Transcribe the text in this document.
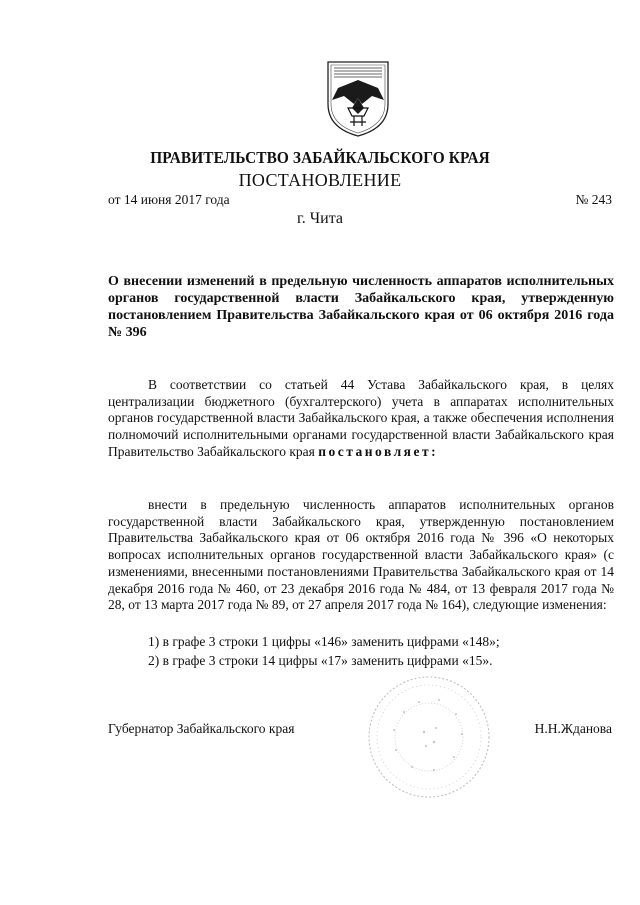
ПРАВИТЕЛЬСТВО ЗАБАЙКАЛЬСКОГО КРАЯ
ПОСТАНОВЛЕНИЕ
от 14 июня 2017 года	№ 243
г. Чита
О внесении изменений в предельную численность аппаратов исполнительных органов государственной власти Забайкальского края, утвержденную постановлением Правительства Забайкальского края от 06 октября 2016 года № 396

В соответствии со статьей 44 Устава Забайкальского края, в целях централизации бюджетного (бухгалтерского) учета в аппаратах исполнительных органов государственной власти Забайкальского края, а также обеспечения исполнения полномочий исполнительными органами государственной власти Забайкальского края Правительство Забайкальского края постановляет:

внести в предельную численность аппаратов исполнительных органов государственной власти Забайкальского края, утвержденную постановлением Правительства Забайкальского края от 06 октября 2016 года № 396 «О некоторых вопросах исполнительных органов государственной власти Забайкальского края» (с изменениями, внесенными постановлениями Правительства Забайкальского края от 14 декабря 2016 года № 460, от 23 декабря 2016 года № 484, от 13 февраля 2017 года № 28, от 13 марта 2017 года № 89, от 27 апреля 2017 года № 164), следующие изменения:

1) в графе 3 строки 1 цифры «146» заменить цифрами «148»;
2) в графе 3 строки 14 цифры «17» заменить цифрами «15».
Губернатор Забайкальского края	Н.Н.Жданова
